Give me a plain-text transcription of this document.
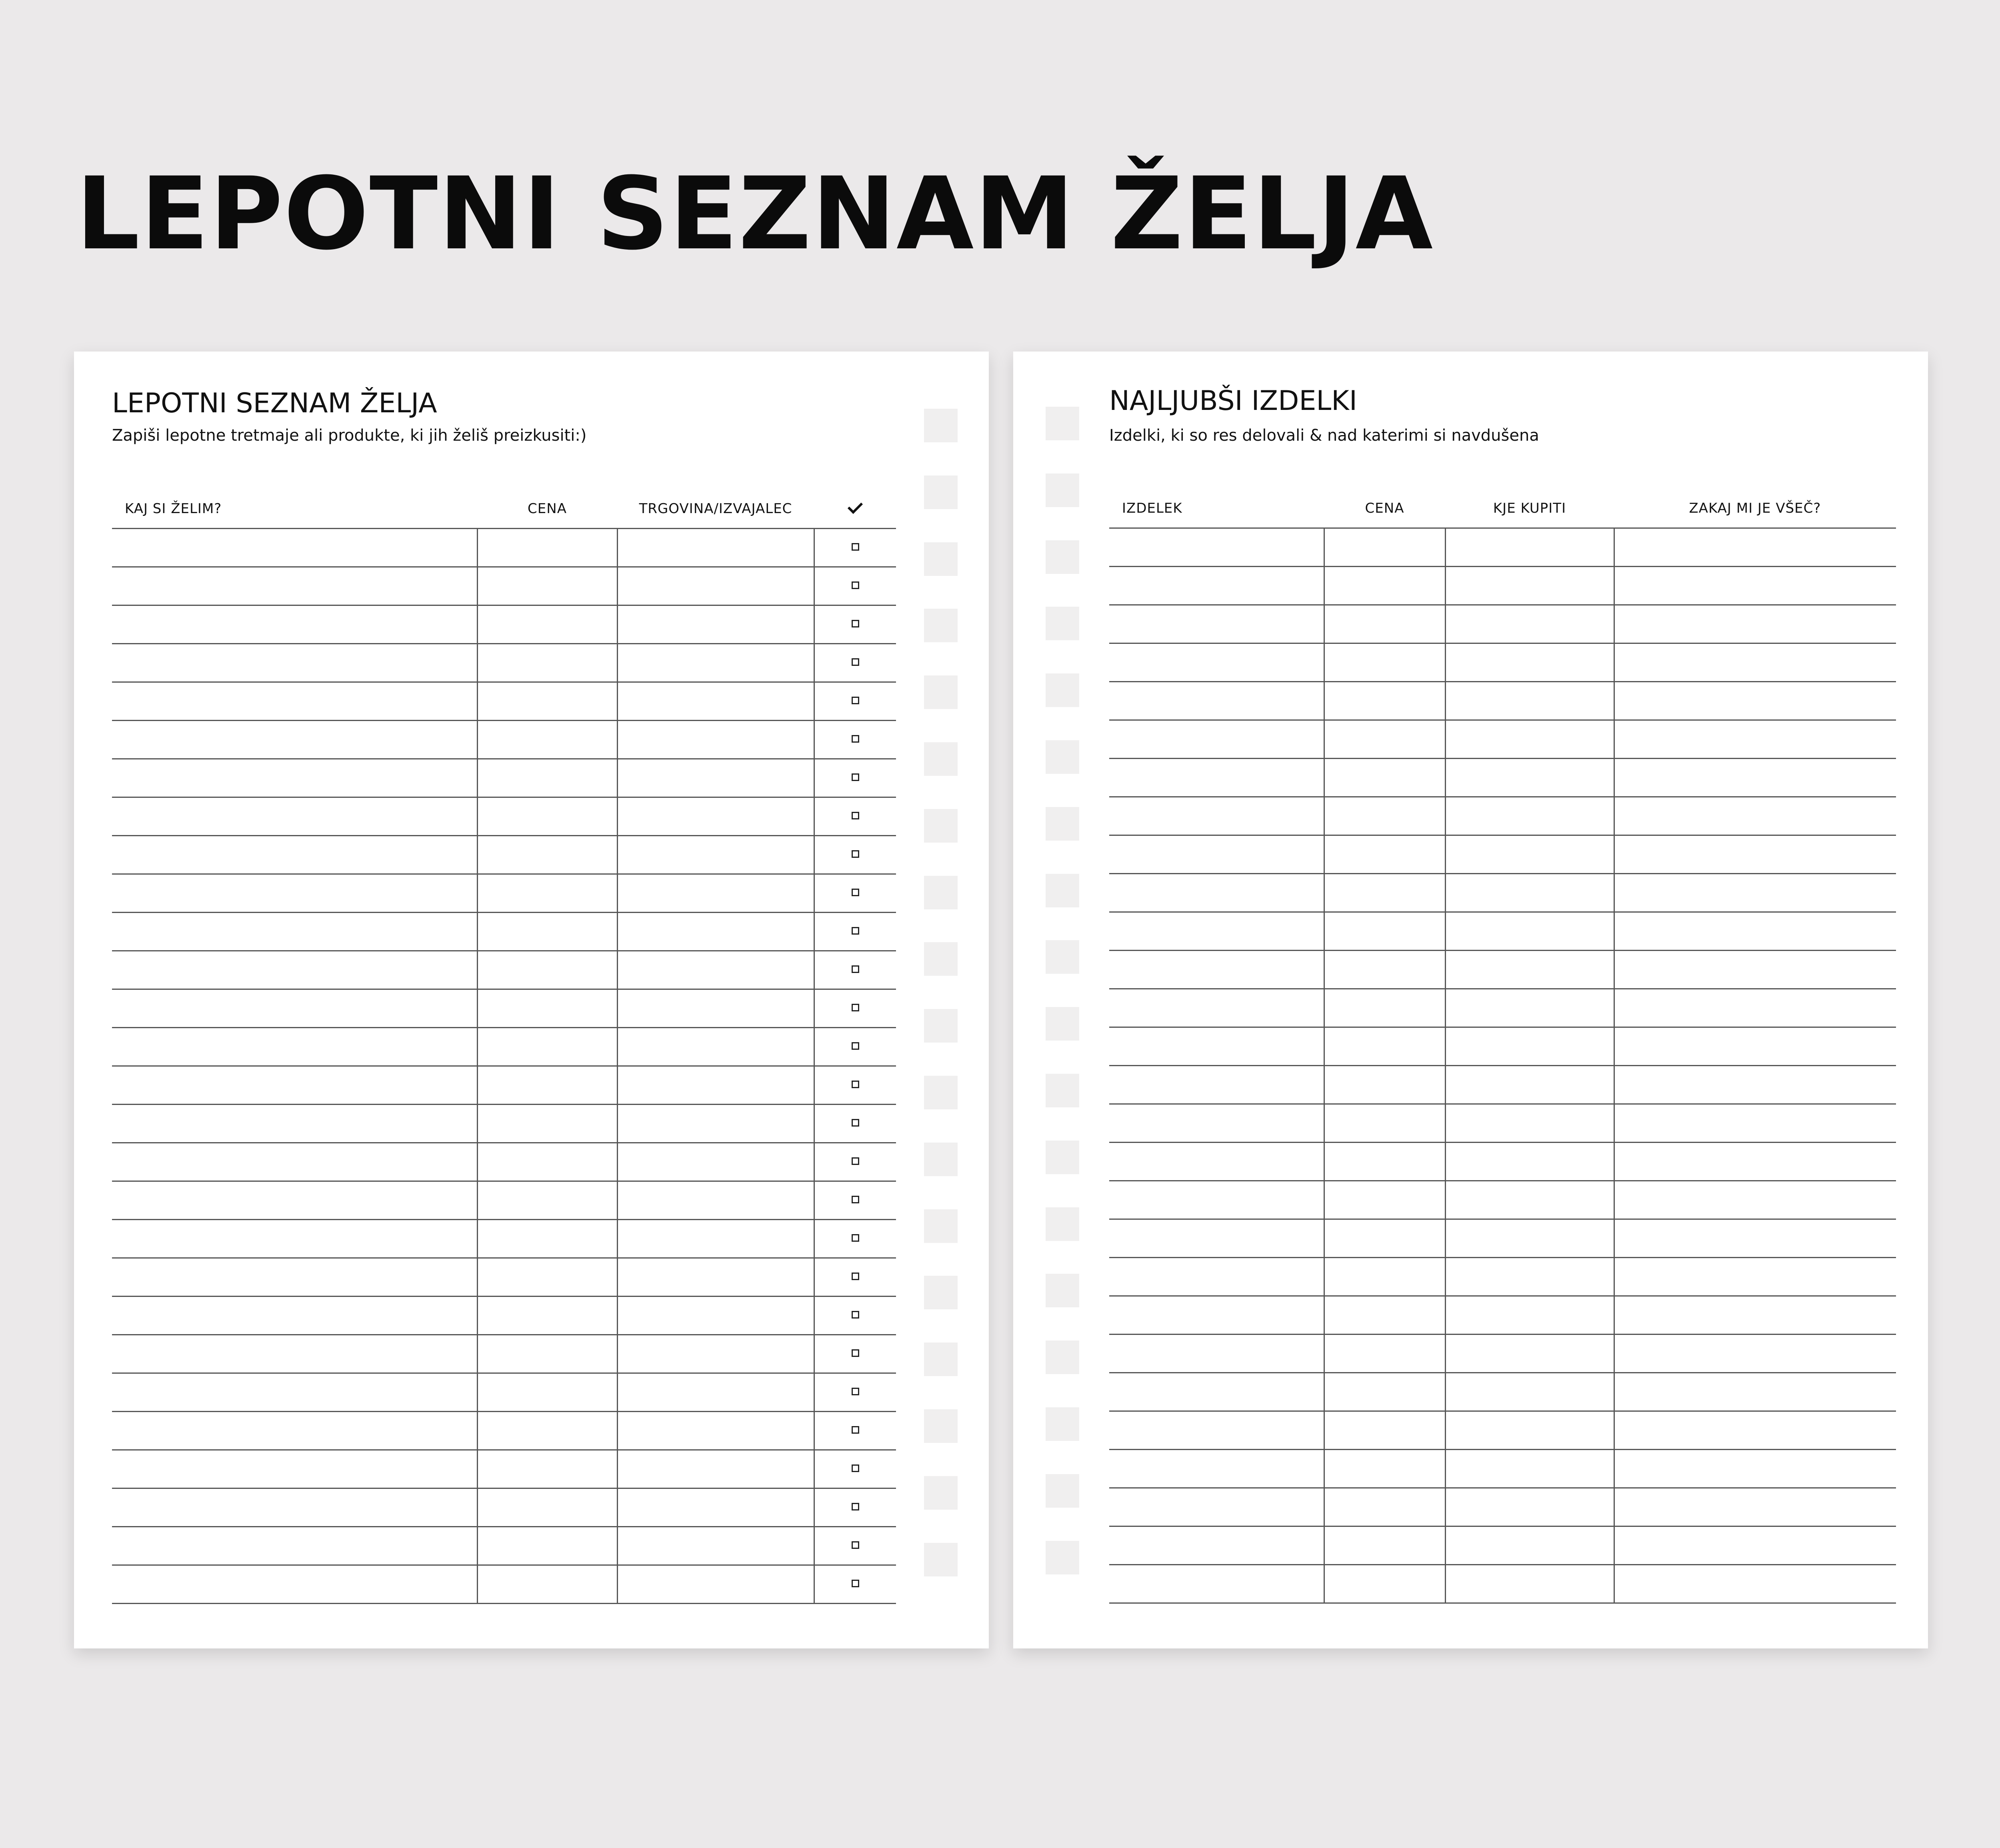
LEPOTNI SEZNAM ŽELJA
LEPOTNI SEZNAM ŽELJA

Zapiši lepotne tretmaje ali produkte, ki jih želiš preizkusiti:)

KAJ SI ŽELIM?	CENA	TRGOVINA/IZVAJALEC	

NAJLJUBŠI IZDELKI

Izdelki, ki so res delovali & nad katerimi si navdušena

IZDELEK	CENA	KJE KUPITI	ZAKAJ MI JE VŠEČ?
